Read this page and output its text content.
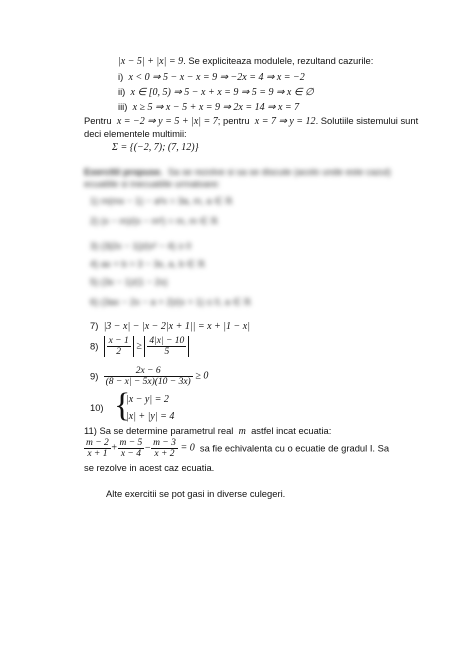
|x − 5| + |x| = 9. Se expliciteaza modulele, rezultand cazurile:
i) x < 0 ⇒ 5 − x − x = 9 ⇒ −2x = 4 ⇒ x = −2
ii) x ∈ [0, 5) ⇒ 5 − x + x = 9 ⇒ 5 = 9 ⇒ x ∈ ∅
iii) x ≥ 5 ⇒ x − 5 + x = 9 ⇒ 2x = 14 ⇒ x = 7
Pentru x = −2 ⇒ y = 5 + |x| = 7; pentru x = 7 ⇒ y = 12. Solutiile sistemului sunt
deci elementele multimii:
Σ = {(−2, 7); (7, 12)}
Exercitii propuse. Sa se rezolve si sa se discute (acolo unde este cazul)
ecuatiile si inecuatiile urmatoare:
1) m(mx − 1) − a²x = 3a, m, a ∈ ℝ
2) (x − m)/(x − m²) = m, m ∈ ℝ
3) (3|2x − 1|)/(x² − 4) ≥ 0
4) ax + b > 3 − 3x, a, b ∈ ℝ
5) (3x − 1)/(1 − 2x)
6) (3ax − 2x − a + 2)/(x + 1) ≤ 0, a ∈ ℝ
7) |3 − x| − |x − 2|x + 1|| = x + |1 − x|
$8) \frac{x - 1}{2} \ge \frac{4|x| - 10}{5}$
$9) \frac{2x - 6}{(8 - x| - 5x)(10 - 3x)} \ge 0$
10) {
|x − y| = 2
|x| + |y| = 4
11) Sa se determine parametrul real m astfel incat ecuatia:
$\frac{m - 2}{x + 1} + \frac{m - 5}{x - 4} - \frac{m - 3}{x + 2} = 0$ sa fie echivalenta cu o ecuatie de gradul I. Sa
se rezolve in acest caz ecuatia.
Alte exercitii se pot gasi in diverse culegeri.
